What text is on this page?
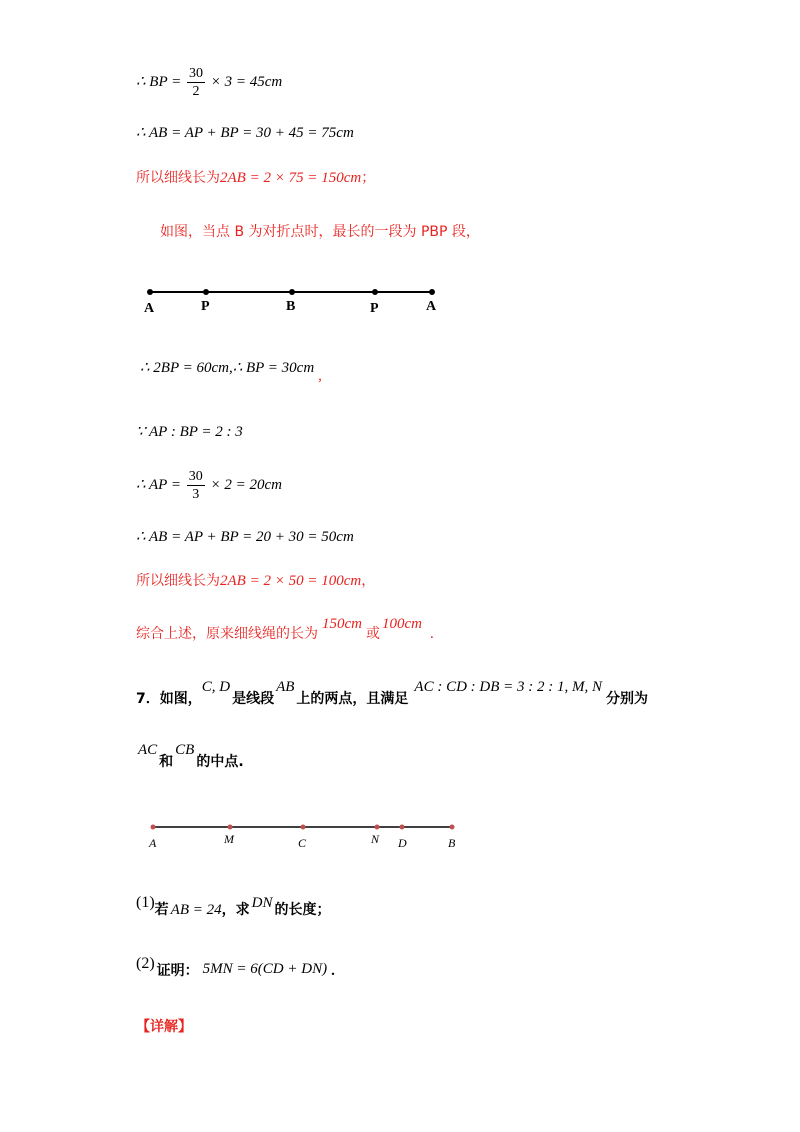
∴ BP = $\frac{30}{2} \times 3 = 45cm$
∴ AB = AP + BP = 30 + 45 = 75cm
所以细线长为2AB = 2 × 75 = 150cm；
如图，当点 B 为对折点时，最长的一段为 PBP 段，
A	P	B	P	A
∴ 2BP = 60cm,∴ BP = 30cm ,
∵ AP : BP = 2 : 3
∴ AP = $\frac{30}{3} \times 2 = 20cm$
∴ AB = AP + BP = 20 + 30 = 50cm
所以细线长为2AB = 2 × 50 = 100cm，
综合上述，原来细线绳的长为150cm或100cm.
7．如图，C, D是线段AB上的两点，且满足AC : CD : DB = 3 : 2 : 1, M, N分别为
AC和CB的中点.
A	M	C	N D	B
(1)若 AB = 24，求 DN 的长度；
(2) 证明： 5MN = 6(CD + DN) .
【详解】
